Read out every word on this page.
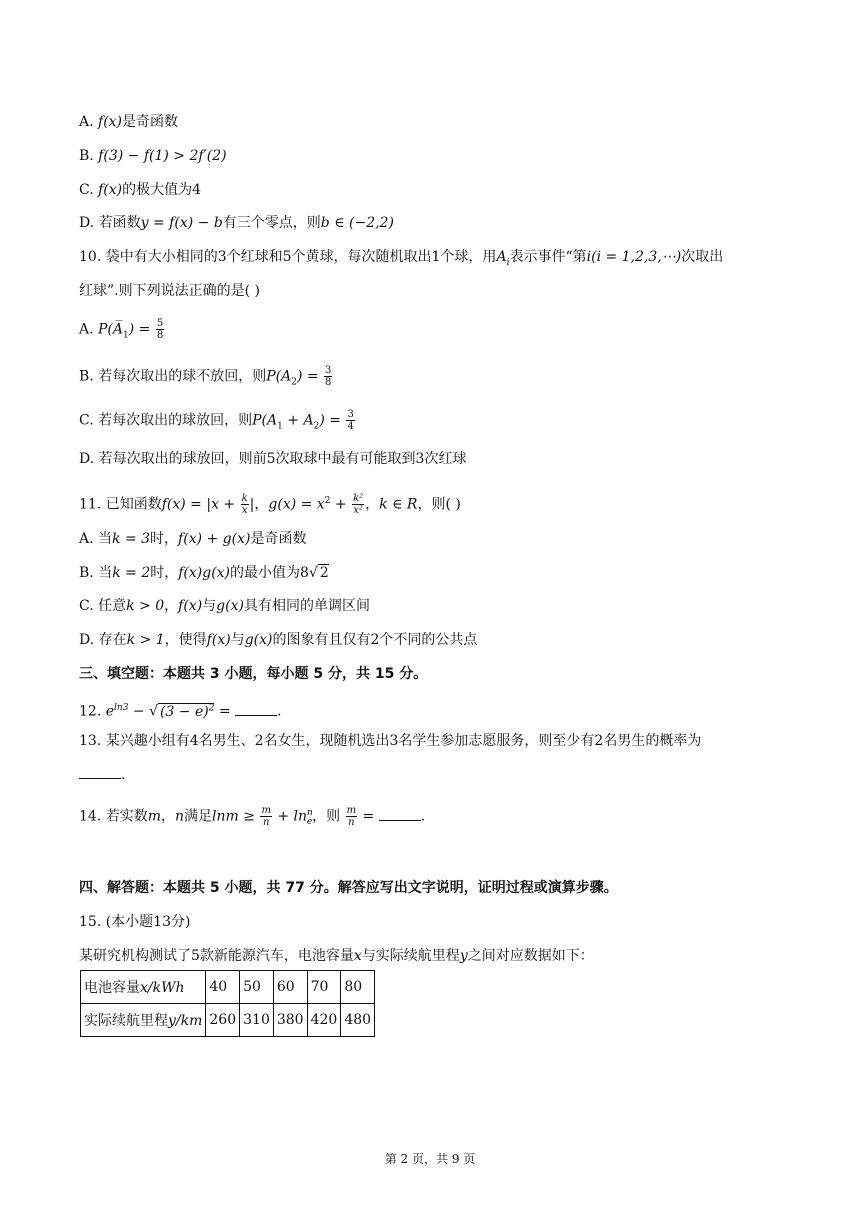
A. f(x)是奇函数
B. f(3) − f(1) > 2f′(2)
C. f(x)的极大值为4
D. 若函数y = f(x) − b有三个零点，则b ∈ (−2,2)
10. 袋中有大小相同的3个红球和5个黄球，每次随机取出1个球，用$A_i$表示事件“第i(i = 1,2,3,⋯)次取出
红球”.则下列说法正确的是( )
A. $P(A̅_1) = \frac{5}{8}$
B. 若每次取出的球不放回，则$P(A_2) = \frac{3}{8}$
C. 若每次取出的球放回，则$P(A_1 + A_2) = \frac{3}{4}$
D. 若每次取出的球放回，则前5次取球中最有可能取到3次红球
11. 已知函数$f(x) = |x + \frac{k}{x}$ |，$g(x) = x^2 + \frac{\text{k²}}{\text{x²}}$ ，k ∈ R，则( )
A. 当k = 3时，f(x) + g(x)是奇函数
B. 当k = 2时，f(x)g(x)的最小值为8√ 2
C. 任意k > 0，f(x)与g(x)具有相同的单调区间
D. 存在k > 1，使得f(x)与g(x)的图象有且仅有2个不同的公共点
三、填空题：本题共 3 小题，每小题 5 分，共 15 分。
12. $e^{ln3}$ − √ $(3 - e)^2$ =	.
13. 某兴趣小组有4名男生、2名女生，现随机选出3名学生参加志愿服务，则至少有2名男生的概率为
.
14. 若实数m，n满足$\ln m \ge \frac{m}{n} + \ln^n_e$，则 $\frac{m}{n}$ =	.
四、解答题：本题共 5 小题，共 77 分。解答应写出文字说明，证明过程或演算步骤。
15. (本小题13分)
某研究机构测试了5款新能源汽车，电池容量x与实际续航里程y之间对应数据如下：
电池容量x/kWh	40	50	60	70	80
实际续航里程y/km	260	310	380	420	480
第 2 页，共 9 页
